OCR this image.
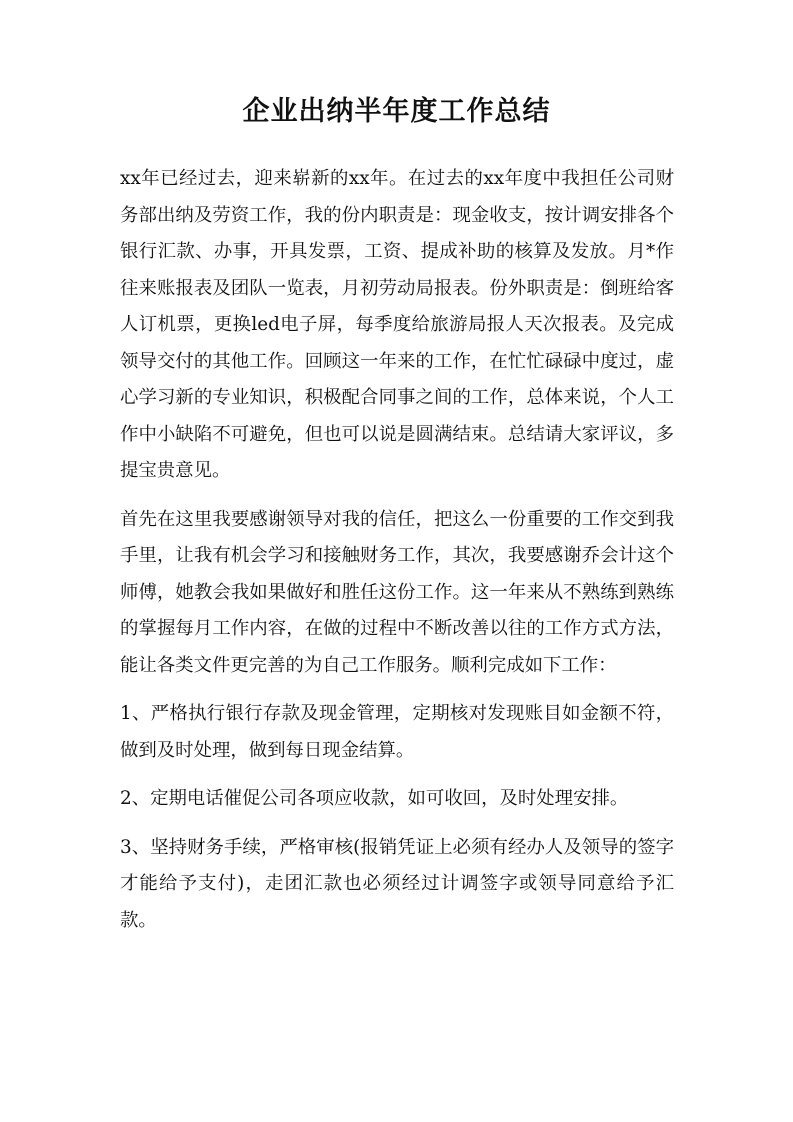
企业出纳半年度工作总结

xx年已经过去，迎来崭新的xx年。在过去的xx年度中我担任公司财务部出纳及劳资工作，我的份内职责是：现金收支，按计调安排各个银行汇款、办事，开具发票，工资、提成补助的核算及发放。月*作往来账报表及团队一览表，月初劳动局报表。份外职责是：倒班给客人订机票，更换led电子屏，每季度给旅游局报人天次报表。及完成领导交付的其他工作。回顾这一年来的工作，在忙忙碌碌中度过，虚心学习新的专业知识，积极配合同事之间的工作，总体来说，个人工作中小缺陷不可避免，但也可以说是圆满结束。总结请大家评议，多提宝贵意见。

首先在这里我要感谢领导对我的信任，把这么一份重要的工作交到我手里，让我有机会学习和接触财务工作，其次，我要感谢乔会计这个师傅，她教会我如果做好和胜任这份工作。这一年来从不熟练到熟练的掌握每月工作内容，在做的过程中不断改善以往的工作方式方法，能让各类文件更完善的为自己工作服务。顺利完成如下工作：

1、严格执行银行存款及现金管理，定期核对发现账目如金额不符，做到及时处理，做到每日现金结算。

2、定期电话催促公司各项应收款，如可收回，及时处理安排。

3、坚持财务手续，严格审核(报销凭证上必须有经办人及领导的签字才能给予支付)，走团汇款也必须经过计调签字或领导同意给予汇款。
